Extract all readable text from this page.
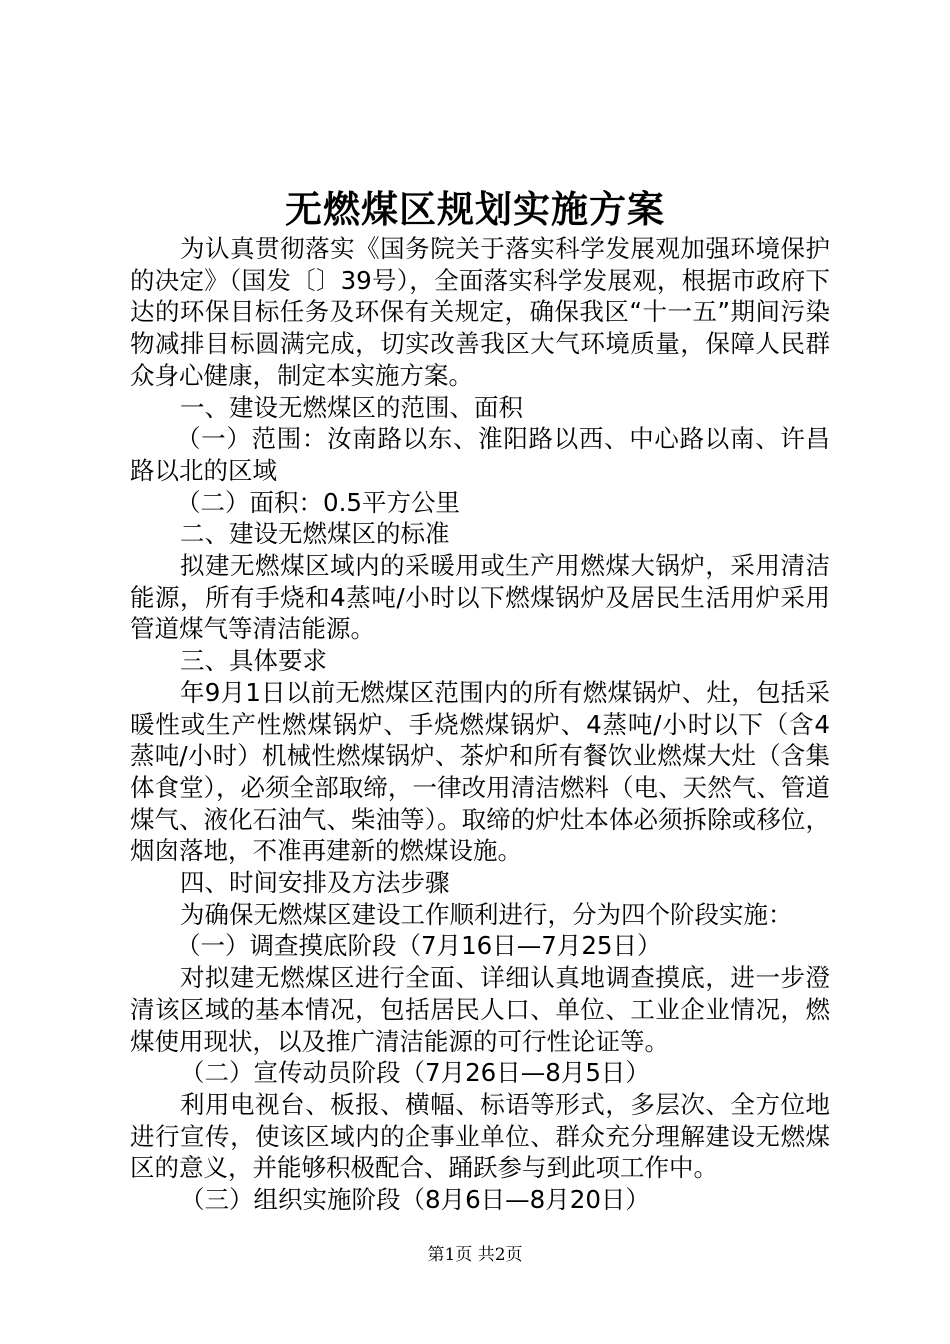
无燃煤区规划实施方案

为认真贯彻落实《国务院关于落实科学发展观加强环境保护的决定》（国发〔〕39号），全面落实科学发展观，根据市政府下达的环保目标任务及环保有关规定，确保我区“十一五”期间污染物减排目标圆满完成，切实改善我区大气环境质量，保障人民群众身心健康，制定本实施方案。

一、建设无燃煤区的范围、面积

（一）范围：汝南路以东、淮阳路以西、中心路以南、许昌路以北的区域

（二）面积：0.5平方公里

二、建设无燃煤区的标准

拟建无燃煤区域内的采暖用或生产用燃煤大锅炉，采用清洁能源，所有手烧和4蒸吨/小时以下燃煤锅炉及居民生活用炉采用管道煤气等清洁能源。

三、具体要求

年9月1日以前无燃煤区范围内的所有燃煤锅炉、灶，包括采暖性或生产性燃煤锅炉、手烧燃煤锅炉、4蒸吨/小时以下（含4蒸吨/小时）机械性燃煤锅炉、茶炉和所有餐饮业燃煤大灶（含集体食堂），必须全部取缔，一律改用清洁燃料（电、天然气、管道煤气、液化石油气、柴油等）。取缔的炉灶本体必须拆除或移位，烟囱落地，不准再建新的燃煤设施。

四、时间安排及方法步骤

为确保无燃煤区建设工作顺利进行，分为四个阶段实施：

（一）调查摸底阶段（7月16日—7月25日）

对拟建无燃煤区进行全面、详细认真地调查摸底，进一步澄清该区域的基本情况，包括居民人口、单位、工业企业情况，燃煤使用现状，以及推广清洁能源的可行性论证等。

（二）宣传动员阶段（7月26日—8月5日）

利用电视台、板报、横幅、标语等形式，多层次、全方位地进行宣传，使该区域内的企事业单位、群众充分理解建设无燃煤区的意义，并能够积极配合、踊跃参与到此项工作中。

（三）组织实施阶段（8月6日—8月20日）

第1页 共2页
